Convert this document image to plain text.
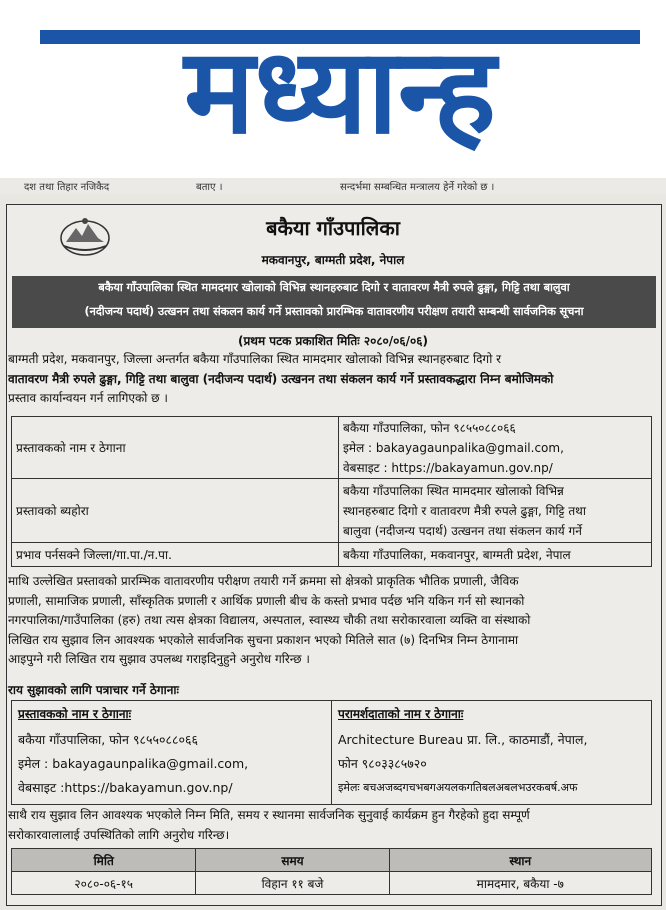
मध्यान्ह
दश तथा तिहार नजिकैद	बताए ।	सन्दर्भमा सम्बन्धित मन्त्रालय हेर्ने गरेको छ ।
बकैया गाँउपालिका
मकवानपुर, बाग्मती प्रदेश, नेपाल
बकैया गाँउपालिका स्थित मामदमार खोलाको विभिन्न स्थानहरुबाट दिगो र वातावरण मैत्री रुपले ढुङ्गा, गिट्टि तथा बालुवा
(नदीजन्य पदार्थ) उत्खनन तथा संकलन कार्य गर्ने प्रस्तावको प्रारम्भिक वातावरणीय परीक्षण तयारी सम्बन्धी सार्वजनिक सूचना
(प्रथम पटक प्रकाशित मितिः २०८०/०६/०६)
बाग्मती प्रदेश, मकवानपुर, जिल्ला अन्तर्गत बकैया गाँउपालिका स्थित मामदमार खोलाको विभिन्न स्थानहरुबाट दिगो र
वातावरण मैत्री रुपले ढुङ्गा, गिट्टि तथा बालुवा (नदीजन्य पदार्थ) उत्खनन तथा संकलन कार्य गर्ने प्रस्तावकद्धारा निम्न बमोजिमको
प्रस्ताव कार्यान्वयन गर्न लागिएको छ ।
प्रस्तावकको नाम र ठेगाना	बकैया गाँउपालिका, फोन ९८५५०८८०६६
इमेल : bakayagaunpalika@gmail.com,
वेबसाइट : https://bakayamun.gov.np/

प्रस्तावको ब्यहोरा	बकैया गाँउपालिका स्थित मामदमार खोलाको विभिन्न
स्थानहरुबाट दिगो र वातावरण मैत्री रुपले ढुङ्गा, गिट्टि तथा
बालुवा (नदीजन्य पदार्थ) उत्खनन तथा संकलन कार्य गर्ने

प्रभाव पर्नसक्ने जिल्ला/गा.पा./न.पा.	बकैया गाँउपालिका, मकवानपुर, बाग्मती प्रदेश, नेपाल
माथि उल्लेखित प्रस्तावको प्रारम्भिक वातावरणीय परीक्षण तयारी गर्ने क्रममा सो क्षेत्रको प्राकृतिक भौतिक प्रणाली, जैविक
प्रणाली, सामाजिक प्रणाली, साँस्कृतिक प्रणाली र आर्थिक प्रणाली बीच के कस्तो प्रभाव पर्दछ भनि यकिन गर्न सो स्थानको
नगरपालिका/गाउँपालिका (हरु) तथा त्यस क्षेत्रका विद्यालय, अस्पताल, स्वास्थ्य चौकी तथा सरोकारवाला व्यक्ति वा संस्थाको
लिखित राय सुझाव लिन आवश्यक भएकोले सार्वजनिक सुचना प्रकाशन भएको मितिले सात (७) दिनभित्र निम्न ठेगानामा
आइपुग्ने गरी लिखित राय सुझाव उपलब्ध गराइदिनुहुने अनुरोध गरिन्छ ।
राय सुझावको लागि पत्राचार गर्ने ठेगानाः
प्रस्तावकको नाम र ठेगानाः
बकैया गाँउपालिका, फोन ९८५५०८८०६६
इमेल : bakayagaunpalika@gmail.com,
वेबसाइट :https://bakayamun.gov.np/

परामर्शदाताको नाम र ठेगानाः
Architecture Bureau प्रा. लि., काठमाडौं, नेपाल,
फोन ९८०३३८५७२०
इमेलः बचअजब्दगचभबगअयलकगतिबलअबलभउरकबर्ष.अफ
साथै राय सुझाव लिन आवश्यक भएकोले निम्न मिति, समय र स्थानमा सार्वजनिक सुनुवाई कार्यक्रम हुन गैरहेको हुदा सम्पूर्ण
सरोकारवालालाई उपस्थितिको लागि अनुरोध गरिन्छ।
मिति	समय	स्थान
२०८०-०६-१५	विहान ११ बजे	मामदमार, बकैया -७
